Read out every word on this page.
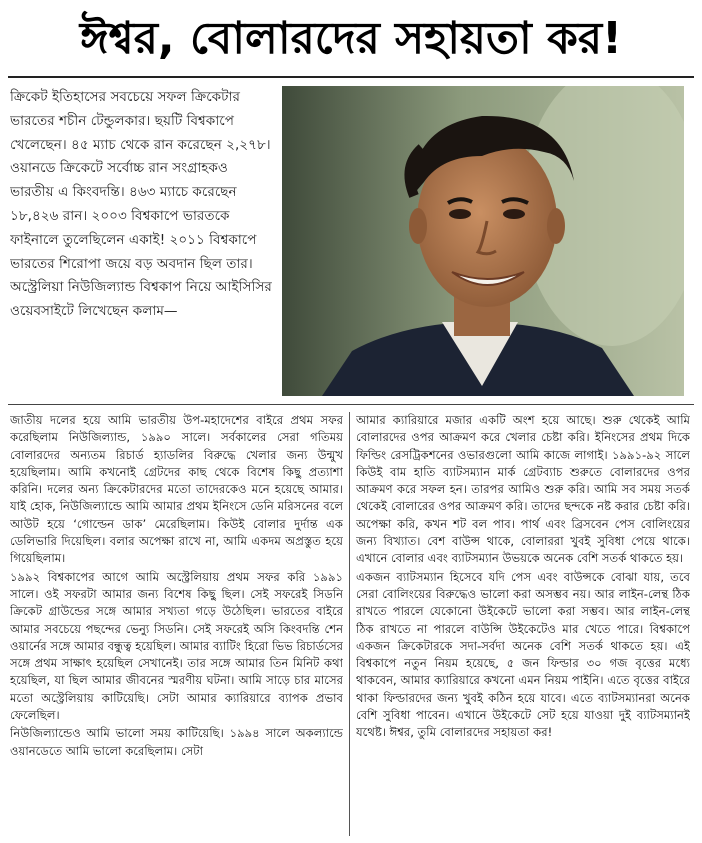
ঈশ্বর, বোলারদের সহায়তা কর!

ক্রিকেট ইতিহাসের সবচেয়ে সফল ক্রিকেটার ভারতের শচীন টেন্ডুলকার। ছয়টি বিশ্বকাপে খেলেছেন। ৪৫ ম্যাচ থেকে রান করেছেন ২,২৭৮। ওয়ানডে ক্রিকেটে সর্বোচ্চ রান সংগ্রাহকও ভারতীয় এ কিংবদন্তি। ৪৬৩ ম্যাচে করেছেন ১৮,৪২৬ রান। ২০০৩ বিশ্বকাপে ভারতকে ফাইনালে তুলেছিলেন একাই! ২০১১ বিশ্বকাপে ভারতের শিরোপা জয়ে বড় অবদান ছিল তার। অস্ট্রেলিয়া নিউজিল্যান্ড বিশ্বকাপ নিয়ে আইসিসির ওয়েবসাইটে লিখেছেন কলাম—

জাতীয় দলের হয়ে আমি ভারতীয় উপ-মহাদেশের বাইরে প্রথম সফর করেছিলাম নিউজিল্যান্ড, ১৯৯০ সালে। সর্বকালের সেরা গতিময় বোলারদের অন্যতম রিচার্ড হ্যাডলির বিরুদ্ধে খেলার জন্য উন্মুখ হয়েছিলাম। আমি কখনোই গ্রেটদের কাছ থেকে বিশেষ কিছু প্রত্যাশা করিনি। দলের অন্য ক্রিকেটারদের মতো তাদেরকেও মনে হয়েছে আমার। যাই হোক, নিউজিল্যান্ডে আমি আমার প্রথম ইনিংসে ডেনি মরিসনের বলে আউট হয়ে ‘গোল্ডেন ডাক’ মেরেছিলাম। কিউই বোলার দুর্দান্ত এক ডেলিভারি দিয়েছিল। বলার অপেক্ষা রাখে না, আমি একদম অপ্রস্তুত হয়ে গিয়েছিলাম।

১৯৯২ বিশ্বকাপের আগে আমি অস্ট্রেলিয়ায় প্রথম সফর করি ১৯৯১ সালে। ওই সফরটা আমার জন্য বিশেষ কিছু ছিল। সেই সফরেই সিডনি ক্রিকেট গ্রাউন্ডের সঙ্গে আমার সখ্যতা গড়ে উঠেছিল। ভারতের বাইরে আমার সবচেয়ে পছন্দের ভেন্যু সিডনি। সেই সফরেই অসি কিংবদন্তি শেন ওয়ার্নের সঙ্গে আমার বন্ধুত্ব হয়েছিল। আমার ব্যাটিং হিরো ভিভ রিচার্ডসের সঙ্গে প্রথম সাক্ষাৎ হয়েছিল সেখানেই। তার সঙ্গে আমার তিন মিনিট কথা হয়েছিল, যা ছিল আমার জীবনের স্মরণীয় ঘটনা। আমি সাড়ে চার মাসের মতো অস্ট্রেলিয়ায় কাটিয়েছি। সেটা আমার ক্যারিয়ারে ব্যাপক প্রভাব ফেলেছিল।

নিউজিল্যান্ডেও আমি ভালো সময় কাটিয়েছি। ১৯৯৪ সালে অকল্যান্ডে ওয়ানডেতে আমি ভালো করেছিলাম। সেটা

আমার ক্যারিয়ারে মজার একটি অংশ হয়ে আছে। শুরু থেকেই আমি বোলারদের ওপর আক্রমণ করে খেলার চেষ্টা করি। ইনিংসের প্রথম দিকে ফিল্ডিং রেসট্রিকশনের ওভারগুলো আমি কাজে লাগাই। ১৯৯১-৯২ সালে কিউই বাম হাতি ব্যাটসম্যান মার্ক গ্রেটব্যাচ শুরুতে বোলারদের ওপর আক্রমণ করে সফল হন। তারপর আমিও শুরু করি। আমি সব সময় সতর্ক থেকেই বোলারের ওপর আক্রমণ করি। তাদের ছন্দকে নষ্ট করার চেষ্টা করি। অপেক্ষা করি, কখন শট বল পাব। পার্থ এবং ব্রিসবেন পেস বোলিংয়ের জন্য বিখ্যাত। বেশ বাউন্স থাকে, বোলাররা খুবই সুবিধা পেয়ে থাকে। এখানে বোলার এবং ব্যাটসম্যান উভয়কে অনেক বেশি সতর্ক থাকতে হয়।

একজন ব্যাটসম্যান হিসেবে যদি পেস এবং বাউন্সকে বোঝা যায়, তবে সেরা বোলিংয়ের বিরুদ্ধেও ভালো করা অসম্ভব নয়। আর লাইন-লেন্থ ঠিক রাখতে পারলে যেকোনো উইকেটে ভালো করা সম্ভব। আর লাইন-লেন্থ ঠিক রাখতে না পারলে বাউন্সি উইকেটেও মার খেতে পারে। বিশ্বকাপে একজন ক্রিকেটারকে সদা-সর্বদা অনেক বেশি সতর্ক থাকতে হয়। এই বিশ্বকাপে নতুন নিয়ম হয়েছে, ৫ জন ফিল্ডার ৩০ গজ বৃত্তের মধ্যে থাকবেন, আমার ক্যারিয়ারে কখনো এমন নিয়ম পাইনি। এতে বৃত্তের বাইরে থাকা ফিল্ডারদের জন্য খুবই কঠিন হয়ে যাবে। এতে ব্যাটসম্যানরা অনেক বেশি সুবিধা পাবেন। এখানে উইকেটে সেট হয়ে যাওয়া দুই ব্যাটসম্যানই যথেষ্ট। ঈশ্বর, তুমি বোলারদের সহায়তা কর!
